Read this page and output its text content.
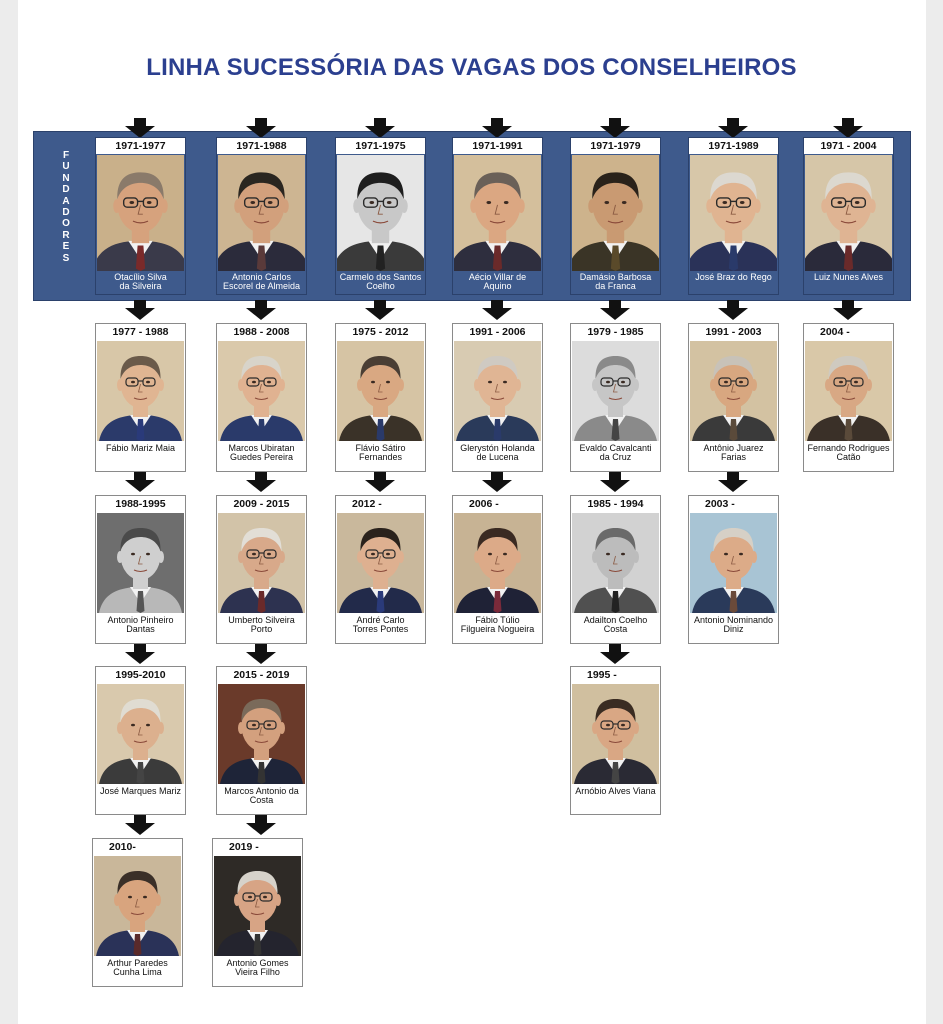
LINHA SUCESSÓRIA DAS VAGAS DOS CONSELHEIROS
F
U
N
D
A
D
O
R
E
S
1971-1977
Otacílio Silva
da Silveira
1977 - 1988
Fábio Mariz Maia
1988-1995
Antonio Pinheiro
Dantas
1995-2010
José Marques Mariz
2010-
Arthur Paredes
Cunha Lima
1971-1988
Antonio Carlos
Escorel de Almeida
1988 - 2008
Marcos Ubiratan
Guedes Pereira
2009 - 2015
Umberto Silveira
Porto
2015 - 2019
Marcos Antonio da Costa
2019 -
Antonio Gomes
Vieira Filho
1971-1975
Carmelo dos Santos
Coelho
1975 - 2012
Flávio Sátiro
Fernandes
2012 -
André Carlo
Torres Pontes
1971-1991
Aécio Villar de
Aquino
1991 - 2006
Glerystón Holanda
de Lucena
2006 -
Fábio Túlio
Filgueira Nogueira
1971-1979
Damásio Barbosa
da Franca
1979 - 1985
Evaldo Cavalcanti
da Cruz
1985 - 1994
Adailton Coelho
Costa
1995 -
Arnóbio Alves Viana
1971-1989
José Braz do Rego
1991 - 2003
Antônio Juarez
Farias
2003 -
Antonio Nominando
Diniz
1971 - 2004
Luiz Nunes Alves
2004 -
Fernando Rodrigues
Catão
